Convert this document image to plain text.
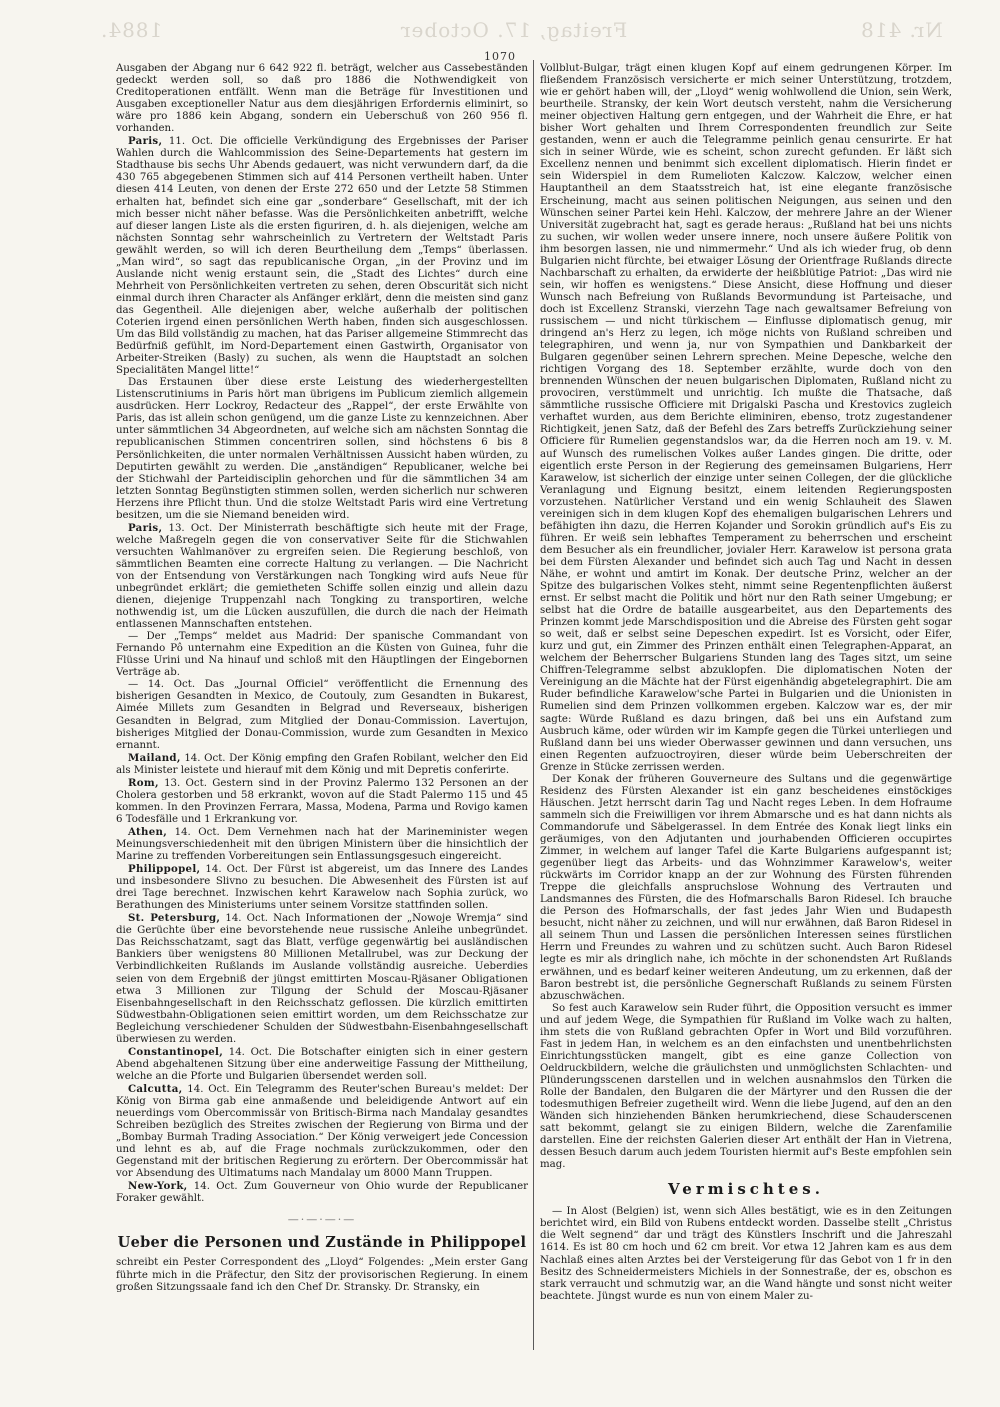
1884.	Freitag, 17. October	Nr. 418
1070

Ausgaben der Abgang nur 6 642 922 fl. beträgt, welcher aus Cassebeständen gedeckt werden soll, so daß pro 1886 die Nothwendigkeit von Creditoperationen entfällt. Wenn man die Beträge für Investitionen und Ausgaben exceptioneller Natur aus dem diesjährigen Erfordernis eliminirt, so wäre pro 1886 kein Abgang, sondern ein Ueberschuß von 260 956 fl. vorhanden.

Paris, 11. Oct. Die officielle Verkündigung des Ergebnisses der Pariser Wahlen durch die Wahlcommission des Seine-Departements hat gestern im Stadthause bis sechs Uhr Abends gedauert, was nicht verwundern darf, da die 430 765 abgegebenen Stimmen sich auf 414 Personen vertheilt haben. Unter diesen 414 Leuten, von denen der Erste 272 650 und der Letzte 58 Stimmen erhalten hat, befindet sich eine gar „sonderbare“ Gesellschaft, mit der ich mich besser nicht näher befasse. Was die Persönlichkeiten anbetrifft, welche auf dieser langen Liste als die ersten figuriren, d. h. als diejenigen, welche am nächsten Sonntag sehr wahrscheinlich zu Vertretern der Weltstadt Paris gewählt werden, so will ich deren Beurtheilung dem „Temps“ überlassen. „Man wird“, so sagt das republicanische Organ, „in der Provinz und im Auslande nicht wenig erstaunt sein, die „Stadt des Lichtes“ durch eine Mehrheit von Persönlichkeiten vertreten zu sehen, deren Obscurität sich nicht einmal durch ihren Character als Anfänger erklärt, denn die meisten sind ganz das Gegentheil. Alle diejenigen aber, welche außerhalb der politischen Coterien irgend einen persönlichen Werth haben, finden sich ausgeschlossen. Um das Bild vollständig zu machen, hat das Pariser allgemeine Stimmrecht das Bedürfniß gefühlt, im Nord-Departement einen Gastwirth, Organisator von Arbeiter-Streiken (Basly) zu suchen, als wenn die Hauptstadt an solchen Specialitäten Mangel litte!“

Das Erstaunen über diese erste Leistung des wiederhergestellten Listenscrutiniums in Paris hört man übrigens im Publicum ziemlich allgemein ausdrücken. Herr Lockroy, Redacteur des „Rappel“, der erste Erwählte von Paris, das ist allein schon genügend, um die ganze Liste zu kennzeichnen. Aber unter sämmtlichen 34 Abgeordneten, auf welche sich am nächsten Sonntag die republicanischen Stimmen concentriren sollen, sind höchstens 6 bis 8 Persönlichkeiten, die unter normalen Verhältnissen Aussicht haben würden, zu Deputirten gewählt zu werden. Die „anständigen“ Republicaner, welche bei der Stichwahl der Parteidisciplin gehorchen und für die sämmtlichen 34 am letzten Sonntag Begünstigten stimmen sollen, werden sicherlich nur schweren Herzens ihre Pflicht thun. Und die stolze Weltstadt Paris wird eine Vertretung besitzen, um die sie Niemand beneiden wird.

Paris, 13. Oct. Der Ministerrath beschäftigte sich heute mit der Frage, welche Maßregeln gegen die von conservativer Seite für die Stichwahlen versuchten Wahlmanöver zu ergreifen seien. Die Regierung beschloß, von sämmtlichen Beamten eine correcte Haltung zu verlangen. — Die Nachricht von der Entsendung von Verstärkungen nach Tongking wird aufs Neue für unbegründet erklärt; die gemietheten Schiffe sollen einzig und allein dazu dienen, diejenige Truppenzahl nach Tongking zu transportiren, welche nothwendig ist, um die Lücken auszufüllen, die durch die nach der Heimath entlassenen Mannschaften entstehen.

— Der „Temps“ meldet aus Madrid: Der spanische Commandant von Fernando Pô unternahm eine Expedition an die Küsten von Guinea, fuhr die Flüsse Urini und Na hinauf und schloß mit den Häuptlingen der Eingebornen Verträge ab.

— 14. Oct. Das „Journal Officiel“ veröffentlicht die Ernennung des bisherigen Gesandten in Mexico, de Coutouly, zum Gesandten in Bukarest, Aimée Millets zum Gesandten in Belgrad und Reverseaux, bisherigen Gesandten in Belgrad, zum Mitglied der Donau-Commission. Lavertujon, bisheriges Mitglied der Donau-Commission, wurde zum Gesandten in Mexico ernannt.

Mailand, 14. Oct. Der König empfing den Grafen Robilant, welcher den Eid als Minister leistete und hierauf mit dem König und mit Depretis conferirte.

Rom, 13. Oct. Gestern sind in der Provinz Palermo 132 Personen an der Cholera gestorben und 58 erkrankt, wovon auf die Stadt Palermo 115 und 45 kommen. In den Provinzen Ferrara, Massa, Modena, Parma und Rovigo kamen 6 Todesfälle und 1 Erkrankung vor.

Athen, 14. Oct. Dem Vernehmen nach hat der Marineminister wegen Meinungsverschiedenheit mit den übrigen Ministern über die hinsichtlich der Marine zu treffenden Vorbereitungen sein Entlassungsgesuch eingereicht.

Philippopel, 14. Oct. Der Fürst ist abgereist, um das Innere des Landes und insbesondere Slivno zu besuchen. Die Abwesenheit des Fürsten ist auf drei Tage berechnet. Inzwischen kehrt Karawelow nach Sophia zurück, wo Berathungen des Ministeriums unter seinem Vorsitze stattfinden sollen.

St. Petersburg, 14. Oct. Nach Informationen der „Nowoje Wremja“ sind die Gerüchte über eine bevorstehende neue russische Anleihe unbegründet. Das Reichsschatzamt, sagt das Blatt, verfüge gegenwärtig bei ausländischen Bankiers über wenigstens 80 Millionen Metallrubel, was zur Deckung der Verbindlichkeiten Rußlands im Auslande vollständig ausreiche. Ueberdies seien von dem Ergebniß der jüngst emittirten Moscau-Rjäsaner Obligationen etwa 3 Millionen zur Tilgung der Schuld der Moscau-Rjäsaner Eisenbahngesellschaft in den Reichsschatz geflossen. Die kürzlich emittirten Südwestbahn-Obligationen seien emittirt worden, um dem Reichsschatze zur Begleichung verschiedener Schulden der Südwestbahn-Eisenbahngesellschaft überwiesen zu werden.

Constantinopel, 14. Oct. Die Botschafter einigten sich in einer gestern Abend abgehaltenen Sitzung über eine anderweitige Fassung der Mittheilung, welche an die Pforte und Bulgarien übersendet werden soll.

Calcutta, 14. Oct. Ein Telegramm des Reuter'schen Bureau's meldet: Der König von Birma gab eine anmaßende und beleidigende Antwort auf ein neuerdings vom Obercommissär von Britisch-Birma nach Mandalay gesandtes Schreiben bezüglich des Streites zwischen der Regierung von Birma und der „Bombay Burmah Trading Association.“ Der König verweigert jede Concession und lehnt es ab, auf die Frage nochmals zurückzukommen, oder den Gegenstand mit der britischen Regierung zu erörtern. Der Obercommissär hat vor Absendung des Ultimatums nach Mandalay um 8000 Mann Truppen.

New-York, 14. Oct. Zum Gouverneur von Ohio wurde der Republicaner Foraker gewählt.

—·—·—·—
Ueber die Personen und Zustände in Philippopel

schreibt ein Pester Correspondent des „Lloyd“ Folgendes: „Mein erster Gang führte mich in die Präfectur, den Sitz der provisorischen Regierung. In einem großen Sitzungssaale fand ich den Chef Dr. Stransky. Dr. Stransky, ein

Vollblut-Bulgar, trägt einen klugen Kopf auf einem gedrungenen Körper. Im fließendem Französisch versicherte er mich seiner Unterstützung, trotzdem, wie er gehört haben will, der „Lloyd“ wenig wohlwollend die Union, sein Werk, beurtheile. Stransky, der kein Wort deutsch versteht, nahm die Versicherung meiner objectiven Haltung gern entgegen, und der Wahrheit die Ehre, er hat bisher Wort gehalten und Ihrem Correspondenten freundlich zur Seite gestanden, wenn er auch die Telegramme peinlich genau censurirte. Er hat sich in seiner Würde, wie es scheint, schon zurecht gefunden. Er läßt sich Excellenz nennen und benimmt sich excellent diplomatisch. Hierin findet er sein Widerspiel in dem Rumelioten Kalczow. Kalczow, welcher einen Hauptantheil an dem Staatsstreich hat, ist eine elegante französische Erscheinung, macht aus seinen politischen Neigungen, aus seinen und den Wünschen seiner Partei kein Hehl. Kalczow, der mehrere Jahre an der Wiener Universität zugebracht hat, sagt es gerade heraus: „Rußland hat bei uns nichts zu suchen, wir wollen weder unsere innere, noch unsere äußere Politik von ihm besorgen lassen, nie und nimmermehr.“ Und als ich wieder frug, ob denn Bulgarien nicht fürchte, bei etwaiger Lösung der Orientfrage Rußlands directe Nachbarschaft zu erhalten, da erwiderte der heißblütige Patriot: „Das wird nie sein, wir hoffen es wenigstens.“ Diese Ansicht, diese Hoffnung und dieser Wunsch nach Befreiung von Rußlands Bevormundung ist Parteisache, und doch ist Excellenz Stranski, vierzehn Tage nach gewaltsamer Befreiung von russischem — und nicht türkischem — Einflusse diplomatisch genug, mir dringend an's Herz zu legen, ich möge nichts von Rußland schreiben und telegraphiren, und wenn ja, nur von Sympathien und Dankbarkeit der Bulgaren gegenüber seinen Lehrern sprechen. Meine Depesche, welche den richtigen Vorgang des 18. September erzählte, wurde doch von den brennenden Wünschen der neuen bulgarischen Diplomaten, Rußland nicht zu provociren, verstümmelt und unrichtig. Ich mußte die Thatsache, daß sämmtliche russische Officiere mit Drigalski Pascha und Krestovics zugleich verhaftet wurden, aus dem Berichte eliminiren, ebenso, trotz zugestandener Richtigkeit, jenen Satz, daß der Befehl des Zars betreffs Zurückziehung seiner Officiere für Rumelien gegenstandslos war, da die Herren noch am 19. v. M. auf Wunsch des rumelischen Volkes außer Landes gingen. Die dritte, oder eigentlich erste Person in der Regierung des gemeinsamen Bulgariens, Herr Karawelow, ist sicherlich der einzige unter seinen Collegen, der die glückliche Veranlagung und Eignung besitzt, einem leitenden Regierungsposten vorzustehen. Natürlicher Verstand und ein wenig Schlauheit des Slawen vereinigen sich in dem klugen Kopf des ehemaligen bulgarischen Lehrers und befähigten ihn dazu, die Herren Kojander und Sorokin gründlich auf's Eis zu führen. Er weiß sein lebhaftes Temperament zu beherrschen und erscheint dem Besucher als ein freundlicher, jovialer Herr. Karawelow ist persona grata bei dem Fürsten Alexander und befindet sich auch Tag und Nacht in dessen Nähe, er wohnt und amtirt im Konak. Der deutsche Prinz, welcher an der Spitze des bulgarischen Volkes steht, nimmt seine Regentenpflichten äußerst ernst. Er selbst macht die Politik und hört nur den Rath seiner Umgebung; er selbst hat die Ordre de bataille ausgearbeitet, aus den Departements des Prinzen kommt jede Marschdisposition und die Abreise des Fürsten geht sogar so weit, daß er selbst seine Depeschen expedirt. Ist es Vorsicht, oder Eifer, kurz und gut, ein Zimmer des Prinzen enthält einen Telegraphen-Apparat, an welchem der Beherrscher Bulgariens Stunden lang des Tages sitzt, um seine Chiffren-Telegramme selbst abzuklopfen. Die diplomatischen Noten der Vereinigung an die Mächte hat der Fürst eigenhändig abgetelegraphirt. Die am Ruder befindliche Karawelow'sche Partei in Bulgarien und die Unionisten in Rumelien sind dem Prinzen vollkommen ergeben. Kalczow war es, der mir sagte: Würde Rußland es dazu bringen, daß bei uns ein Aufstand zum Ausbruch käme, oder würden wir im Kampfe gegen die Türkei unterliegen und Rußland dann bei uns wieder Oberwasser gewinnen und dann versuchen, uns einen Regenten aufzuoctroyiren, dieser würde beim Ueberschreiten der Grenze in Stücke zerrissen werden.

Der Konak der früheren Gouverneure des Sultans und die gegenwärtige Residenz des Fürsten Alexander ist ein ganz bescheidenes einstöckiges Häuschen. Jetzt herrscht darin Tag und Nacht reges Leben. In dem Hofraume sammeln sich die Freiwilligen vor ihrem Abmarsche und es hat dann nichts als Commandorufe und Säbelgerassel. In dem Entrée des Konak liegt links ein geräumiges, von den Adjutanten und jourhabenden Officieren occupirtes Zimmer, in welchem auf langer Tafel die Karte Bulgariens aufgespannt ist; gegenüber liegt das Arbeits- und das Wohnzimmer Karawelow's, weiter rückwärts im Corridor knapp an der zur Wohnung des Fürsten führenden Treppe die gleichfalls anspruchslose Wohnung des Vertrauten und Landsmannes des Fürsten, die des Hofmarschalls Baron Ridesel. Ich brauche die Person des Hofmarschalls, der fast jedes Jahr Wien und Budapesth besucht, nicht näher zu zeichnen, und will nur erwähnen, daß Baron Ridesel in all seinem Thun und Lassen die persönlichen Interessen seines fürstlichen Herrn und Freundes zu wahren und zu schützen sucht. Auch Baron Ridesel legte es mir als dringlich nahe, ich möchte in der schonendsten Art Rußlands erwähnen, und es bedarf keiner weiteren Andeutung, um zu erkennen, daß der Baron bestrebt ist, die persönliche Gegnerschaft Rußlands zu seinem Fürsten abzuschwächen.

So fest auch Karawelow sein Ruder führt, die Opposition versucht es immer und auf jedem Wege, die Sympathien für Rußland im Volke wach zu halten, ihm stets die von Rußland gebrachten Opfer in Wort und Bild vorzuführen. Fast in jedem Han, in welchem es an den einfachsten und unentbehrlichsten Einrichtungsstücken mangelt, gibt es eine ganze Collection von Oeldruckbildern, welche die gräulichsten und unmöglichsten Schlachten- und Plünderungsscenen darstellen und in welchen ausnahmslos den Türken die Rolle der Bandalen, den Bulgaren die der Märtyrer und den Russen die der todesmuthigen Befreier zugetheilt wird. Wenn die liebe Jugend, auf den an den Wänden sich hinziehenden Bänken herumkriechend, diese Schauderscenen satt bekommt, gelangt sie zu einigen Bildern, welche die Zarenfamilie darstellen. Eine der reichsten Galerien dieser Art enthält der Han in Vietrena, dessen Besuch darum auch jedem Touristen hiermit auf's Beste empfohlen sein mag.

Vermischtes.

— In Alost (Belgien) ist, wenn sich Alles bestätigt, wie es in den Zeitungen berichtet wird, ein Bild von Rubens entdeckt worden. Dasselbe stellt „Christus die Welt segnend“ dar und trägt des Künstlers Inschrift und die Jahreszahl 1614. Es ist 80 cm hoch und 62 cm breit. Vor etwa 12 Jahren kam es aus dem Nachlaß eines alten Arztes bei der Versteigerung für das Gebot von 1 fr in den Besitz des Schneidermeisters Michiels in der Sonnestraße, der es, obschon es stark verraucht und schmutzig war, an die Wand hängte und sonst nicht weiter beachtete. Jüngst wurde es nun von einem Maler zu-
